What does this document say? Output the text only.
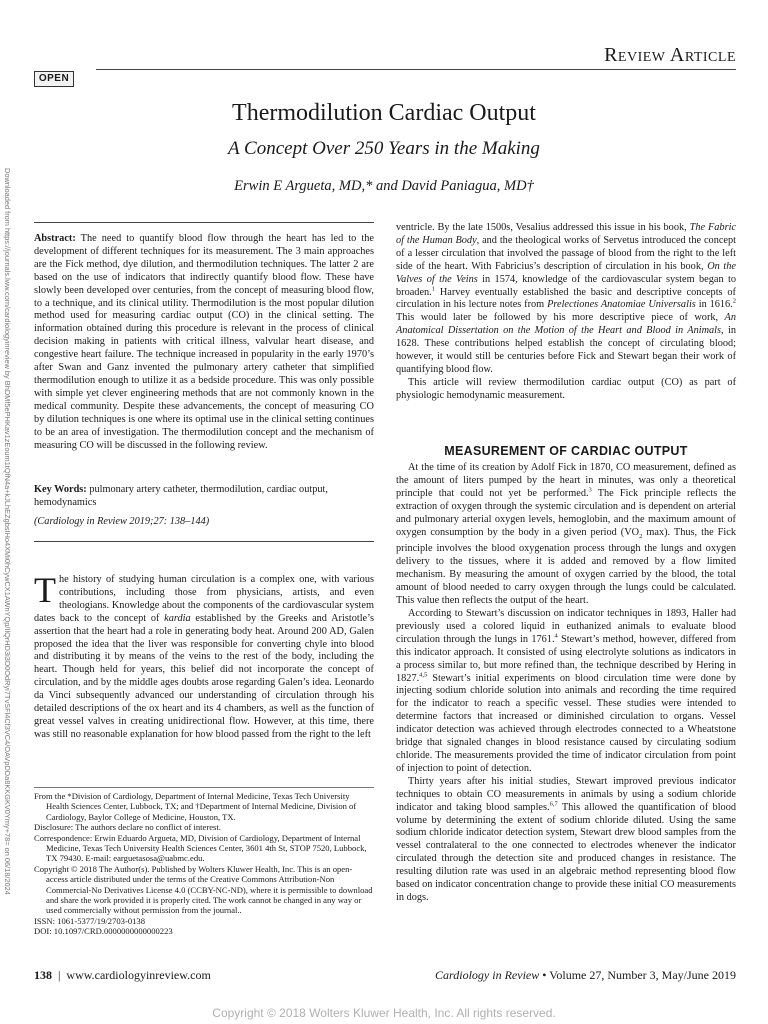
Review Article
OPEN
Thermodilution Cardiac Output
A Concept Over 250 Years in the Making
Erwin E Argueta, MD,* and David Paniagua, MD†
Downloaded from https://journals.lww.com/cardiologyinreview by BhDMf5ePHKav1zEoum1tQfN4a+kJLhEZgbsIHo4XMi0hCywCX1AWnYQp/IlQrHD3i3D0OdRyi7TvSFl4Cf3VC4/OAVpDDa8KKGKV0Ymy+78= on 06/18/2024 Abstract: The need to quantify blood flow through the heart has led to the development of different techniques for its measurement. The 3 main approaches are the Fick method, dye dilution, and thermodilution techniques. The latter 2 are based on the use of indicators that indirectly quantify blood flow. These have slowly been developed over centuries, from the concept of measuring blood flow, to a technique, and its clinical utility. Thermodilution is the most popular dilution method used for measuring cardiac output (CO) in the clinical setting. The information obtained during this procedure is relevant in the process of clinical decision making in patients with critical illness, valvular heart disease, and congestive heart failure. The technique increased in popularity in the early 1970’s after Swan and Ganz invented the pulmonary artery catheter that simplified thermodilution enough to utilize it as a bedside procedure. This was only possible with simple yet clever engineering methods that are not commonly known in the medical community. Despite these advancements, the concept of measuring CO by dilution techniques is one where its optimal use in the clinical setting continues to be an area of investigation. The thermodilution concept and the mechanism of measuring CO will be discussed in the following review.

Key Words: pulmonary artery catheter, thermodilution, cardiac output, hemodynamics
(Cardiology in Review 2019;27: 138–144)

The history of studying human circulation is a complex one, with various contributions, including those from physicians, artists, and even theologians. Knowledge about the components of the cardiovascular system dates back to the concept of kardia established by the Greeks and Aristotle’s assertion that the heart had a role in generating body heat. Around 200 AD, Galen proposed the idea that the liver was responsible for converting chyle into blood and distributing it by means of the veins to the rest of the body, including the heart. Though held for years, this belief did not incorporate the concept of circulation, and by the middle ages doubts arose regarding Galen’s idea. Leonardo da Vinci subsequently advanced our understanding of circulation through his detailed descriptions of the ox heart and its 4 chambers, as well as the function of great vessel valves in creating unidirectional flow. However, at this time, there was still no reasonable explanation for how blood passed from the right to the left

From the *Division of Cardiology, Department of Internal Medicine, Texas Tech University Health Sciences Center, Lubbock, TX; and †Department of Internal Medicine, Division of Cardiology, Baylor College of Medicine, Houston, TX.
Disclosure: The authors declare no conflict of interest.
Correspondence: Erwin Eduardo Argueta, MD, Division of Cardiology, Department of Internal Medicine, Texas Tech University Health Sciences Center, 3601 4th St, STOP 7520, Lubbock, TX 79430. E-mail: earguetasosa@uabmc.edu.
Copyright © 2018 The Author(s). Published by Wolters Kluwer Health, Inc. This is an open-access article distributed under the terms of the Creative Commons Attribution-Non Commercial-No Derivatives License 4.0 (CCBY-NC-ND), where it is permissible to download and share the work provided it is properly cited. The work cannot be changed in any way or used commercially without permission from the journal..
ISSN: 1061-5377/19/2703-0138
DOI: 10.1097/CRD.0000000000000223

ventricle. By the late 1500s, Vesalius addressed this issue in his book, The Fabric of the Human Body, and the theological works of Servetus introduced the concept of a lesser circulation that involved the passage of blood from the right to the left side of the heart. With Fabricius’s description of circulation in his book, On the Valves of the Veins in 1574, knowledge of the cardiovascular system began to broaden.$^1$ Harvey eventually established the basic and descriptive concepts of circulation in his lecture notes from Prelectiones Anatomiae Universalis in 1616.$^2$ This would later be followed by his more descriptive piece of work, An Anatomical Dissertation on the Motion of the Heart and Blood in Animals, in 1628. These contributions helped establish the concept of circulating blood; however, it would still be centuries before Fick and Stewart began their work of quantifying blood flow.

This article will review thermodilution cardiac output (CO) as part of physiologic hemodynamic measurement.

MEASUREMENT OF CARDIAC OUTPUT

At the time of its creation by Adolf Fick in 1870, CO measurement, defined as the amount of liters pumped by the heart in minutes, was only a theoretical principle that could not yet be performed.$^3$ The Fick principle reflects the extraction of oxygen through the systemic circulation and is dependent on arterial and pulmonary arterial oxygen levels, hemoglobin, and the maximum amount of oxygen consumption by the body in a given period ($VO_2$ max). Thus, the Fick principle involves the blood oxygenation process through the lungs and oxygen delivery to the tissues, where it is added and removed by a flow limited mechanism. By measuring the amount of oxygen carried by the blood, the total amount of blood needed to carry oxygen through the lungs could be calculated. This value then reflects the output of the heart.

According to Stewart’s discussion on indicator techniques in 1893, Haller had previously used a colored liquid in euthanized animals to evaluate blood circulation through the lungs in 1761.$^4$ Stewart’s method, however, differed from this indicator approach. It consisted of using electrolyte solutions as indicators in a process similar to, but more refined than, the technique described by Hering in 1827.$^{4,5}$ Stewart’s initial experiments on blood circulation time were done by injecting sodium chloride solution into animals and recording the time required for the indicator to reach a specific vessel. These studies were intended to determine factors that increased or diminished circulation to organs. Vessel indicator detection was achieved through electrodes connected to a Wheatstone bridge that signaled changes in blood resistance caused by circulating sodium chloride. The measurements provided the time of indicator circulation from point of injection to point of detection.

Thirty years after his initial studies, Stewart improved previous indicator techniques to obtain CO measurements in animals by using a sodium chloride indicator and taking blood samples.$^{6,7}$ This allowed the quantification of blood volume by determining the extent of sodium chloride diluted. Using the same sodium chloride indicator detection system, Stewart drew blood samples from the vessel contralateral to the one connected to electrodes whenever the indicator circulated through the detection site and produced changes in resistance. The resulting dilution rate was used in an algebraic method representing blood flow based on indicator concentration change to provide these initial CO measurements in dogs.

138 | www.cardiologyinreview.com	Cardiology in Review • Volume 27, Number 3, May/June 2019
Copyright © 2018 Wolters Kluwer Health, Inc. All rights reserved.
